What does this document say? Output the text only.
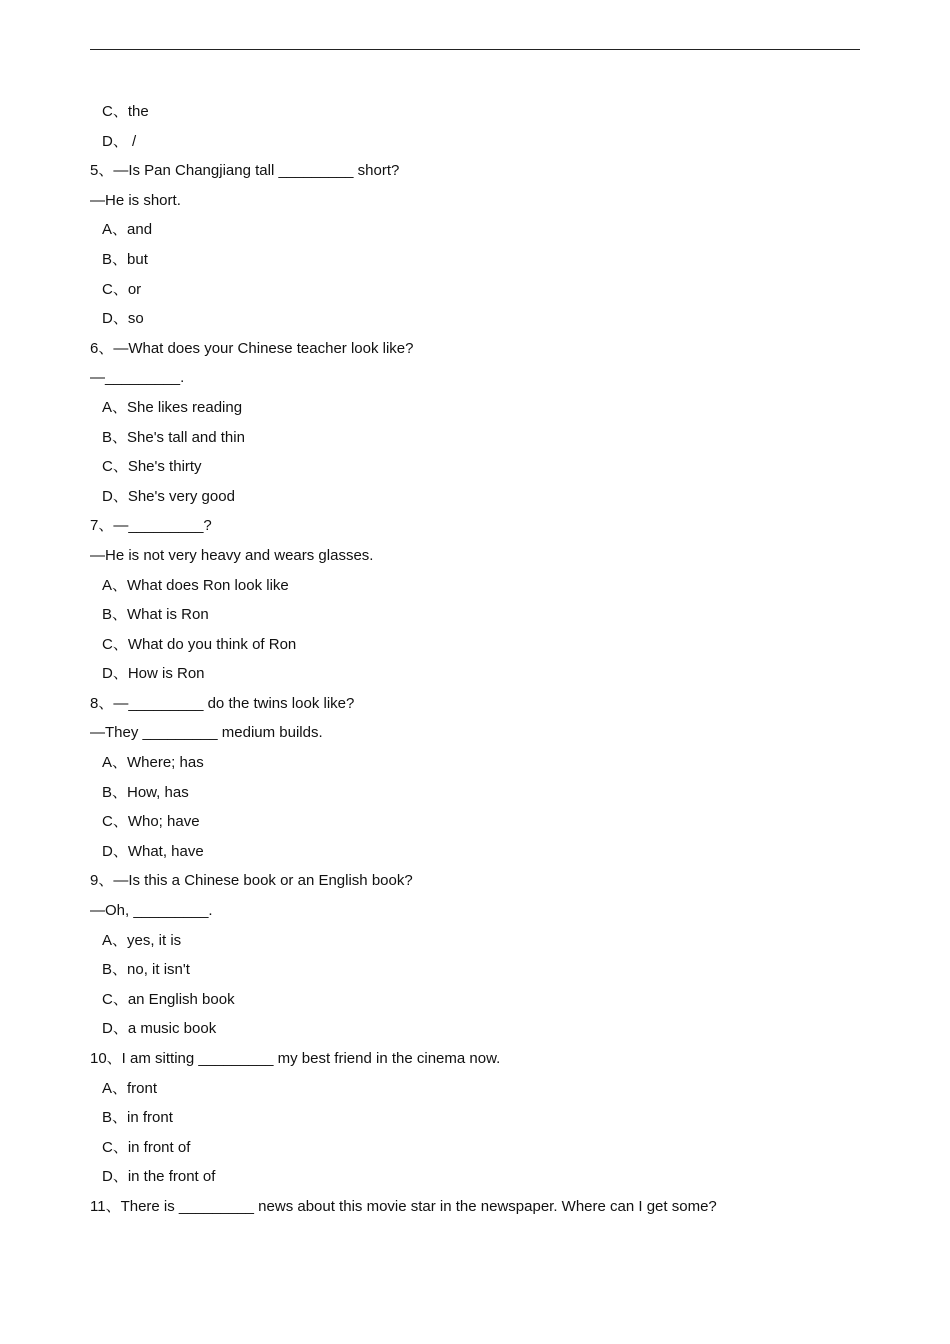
C、the
D、 /
5、—Is Pan Changjiang tall _________ short?
—He is short.
A、and
B、but
C、or
D、so
6、—What does your Chinese teacher look like?
—_________.
A、She likes reading
B、She's tall and thin
C、She's thirty
D、She's very good
7、—_________?
—He is not very heavy and wears glasses.
A、What does Ron look like
B、What is Ron
C、What do you think of Ron
D、How is Ron
8、—_________ do the twins look like?
—They _________ medium builds.
A、Where; has
B、How, has
C、Who; have
D、What, have
9、—Is this a Chinese book or an English book?
—Oh, _________.
A、yes, it is
B、no, it isn't
C、an English book
D、a music book
10、I am sitting _________ my best friend in the cinema now.
A、front
B、in front
C、in front of
D、in the front of
11、There is _________ news about this movie star in the newspaper. Where can I get some?
